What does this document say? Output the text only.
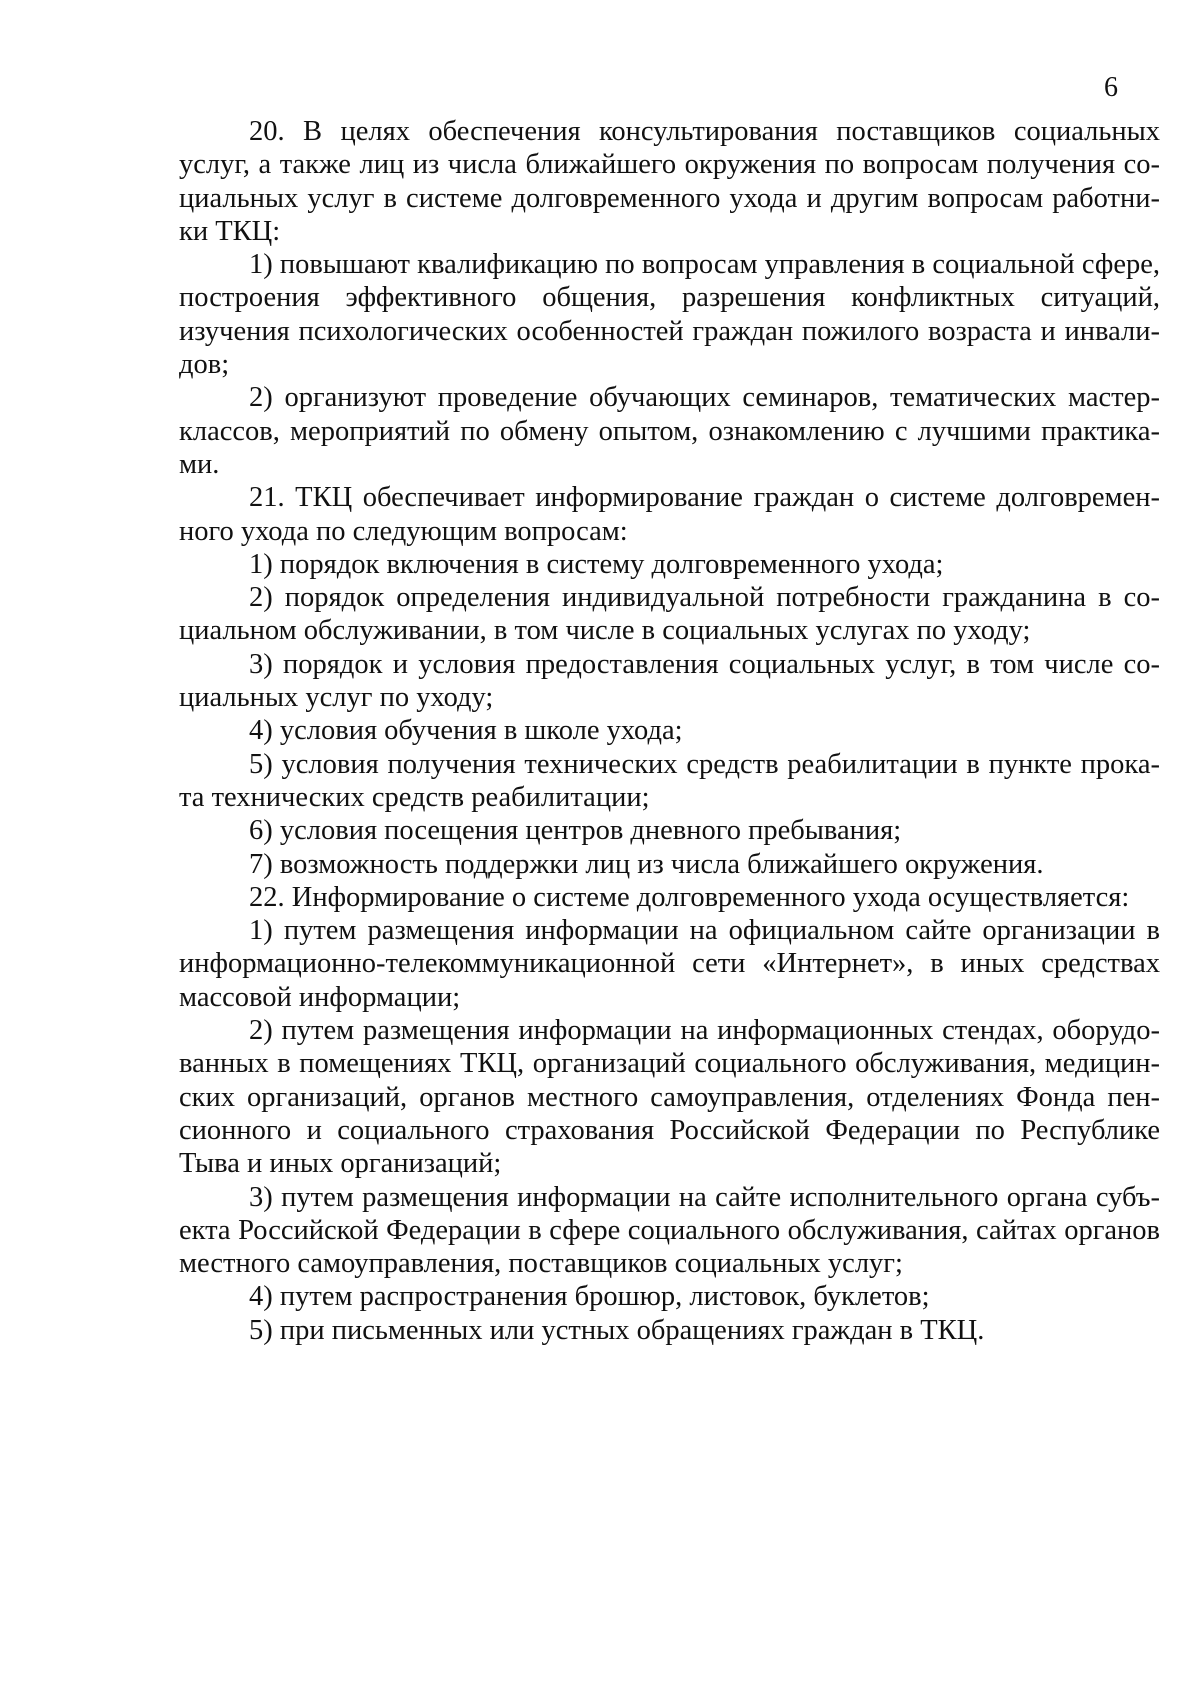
6

20. В целях обеспечения консультирования поставщиков социальных услуг, а также лиц из числа ближайшего окружения по вопросам получения социальных услуг в системе долговременного ухода и другим вопросам работники ТКЦ:

1) повышают квалификацию по вопросам управления в социальной сфере, построения эффективного общения, разрешения конфликтных ситуаций, изучения психологических особенностей граждан пожилого возраста и инвалидов;

2) организуют проведение обучающих семинаров, тематических мастер-классов, мероприятий по обмену опытом, ознакомлению с лучшими практиками.

21. ТКЦ обеспечивает информирование граждан о системе долговременного ухода по следующим вопросам:

1) порядок включения в систему долговременного ухода;

2) порядок определения индивидуальной потребности гражданина в социальном обслуживании, в том числе в социальных услугах по уходу;

3) порядок и условия предоставления социальных услуг, в том числе социальных услуг по уходу;

4) условия обучения в школе ухода;

5) условия получения технических средств реабилитации в пункте проката технических средств реабилитации;

6) условия посещения центров дневного пребывания;

7) возможность поддержки лиц из числа ближайшего окружения.

22. Информирование о системе долговременного ухода осуществляется:

1) путем размещения информации на официальном сайте организации в информационно-телекоммуникационной сети «Интернет», в иных средствах массовой информации;

2) путем размещения информации на информационных стендах, оборудованных в помещениях ТКЦ, организаций социального обслуживания, медицинских организаций, органов местного самоуправления, отделениях Фонда пенсионного и социального страхования Российской Федерации по Республике Тыва и иных организаций;

3) путем размещения информации на сайте исполнительного органа субъекта Российской Федерации в сфере социального обслуживания, сайтах органов местного самоуправления, поставщиков социальных услуг;

4) путем распространения брошюр, листовок, буклетов;

5) при письменных или устных обращениях граждан в ТКЦ.
